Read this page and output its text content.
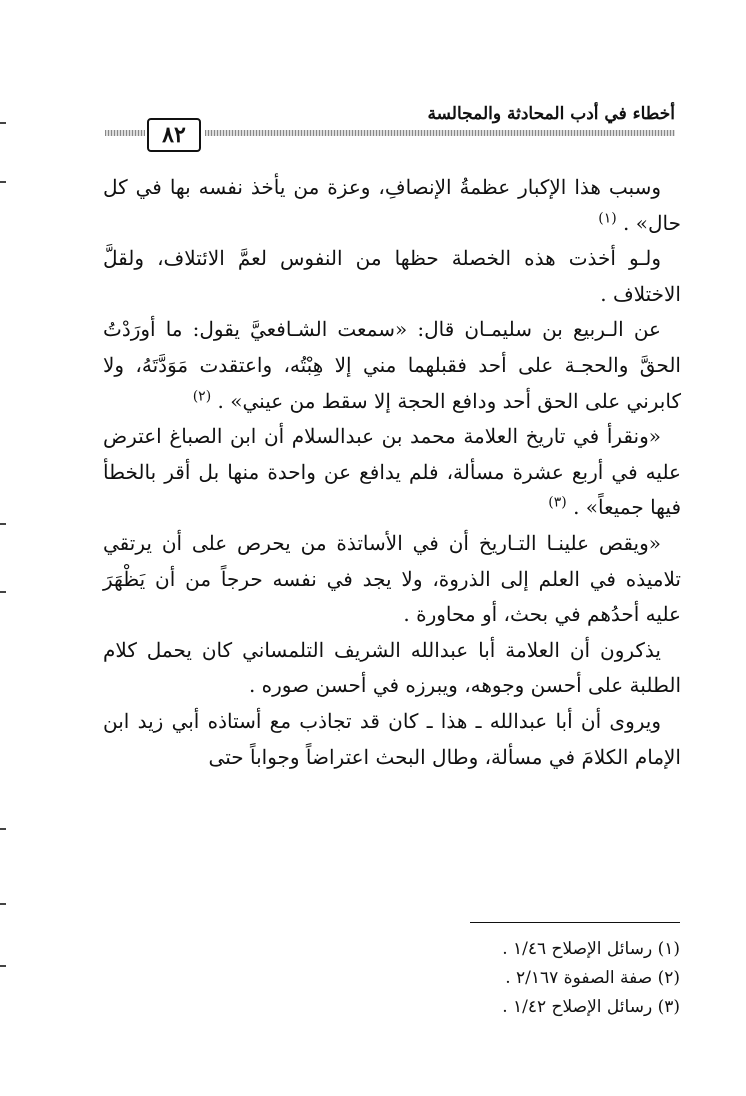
أخطاء في أدب المحادثة والمجالسة
٨٢

وسبب هذا الإكبار عظمةُ الإنصافِ، وعزة من يأخذ نفسه بها في كل حال» . $^{(١)}$

ولـو أخذت هذه الخصلة حظها من النفوس لعمَّ الائتلاف، ولقلَّ الاختلاف .

عن الـربيع بن سليمـان قال: «سمعت الشـافعيَّ يقول: ما أورَدْتُ الحقَّ والحجـة على أحد فقبلهما مني إلا هِبْتُه، واعتقدت مَوَدَّتَهُ، ولا كابرني على الحق أحد ودافع الحجة إلا سقط من عيني» . $^{(٢)}$

«ونقرأ في تاريخ العلامة محمد بن عبدالسلام أن ابن الصباغ اعترض عليه في أربع عشرة مسألة، فلم يدافع عن واحدة منها بل أقر بالخطأ فيها جميعاً» . $^{(٣)}$

«ويقص علينـا التـاريخ أن في الأساتذة من يحرص على أن يرتقي تلاميذه في العلم إلى الذروة، ولا يجد في نفسه حرجاً من أن يَظْهَرَ عليه أحدُهم في بحث، أو محاورة .

يذكرون أن العلامة أبا عبدالله الشريف التلمساني كان يحمل كلام الطلبة على أحسن وجوهه، ويبرزه في أحسن صوره .

ويروى أن أبا عبدالله ـ هذا ـ كان قد تجاذب مع أستاذه أبي زيد ابن الإمام الكلامَ في مسألة، وطال البحث اعتراضاً وجواباً حتى

(١) رسائل الإصلاح ١/٤٦ .
(٢) صفة الصفوة ٢/١٦٧ .
(٣) رسائل الإصلاح ١/٤٢ .
